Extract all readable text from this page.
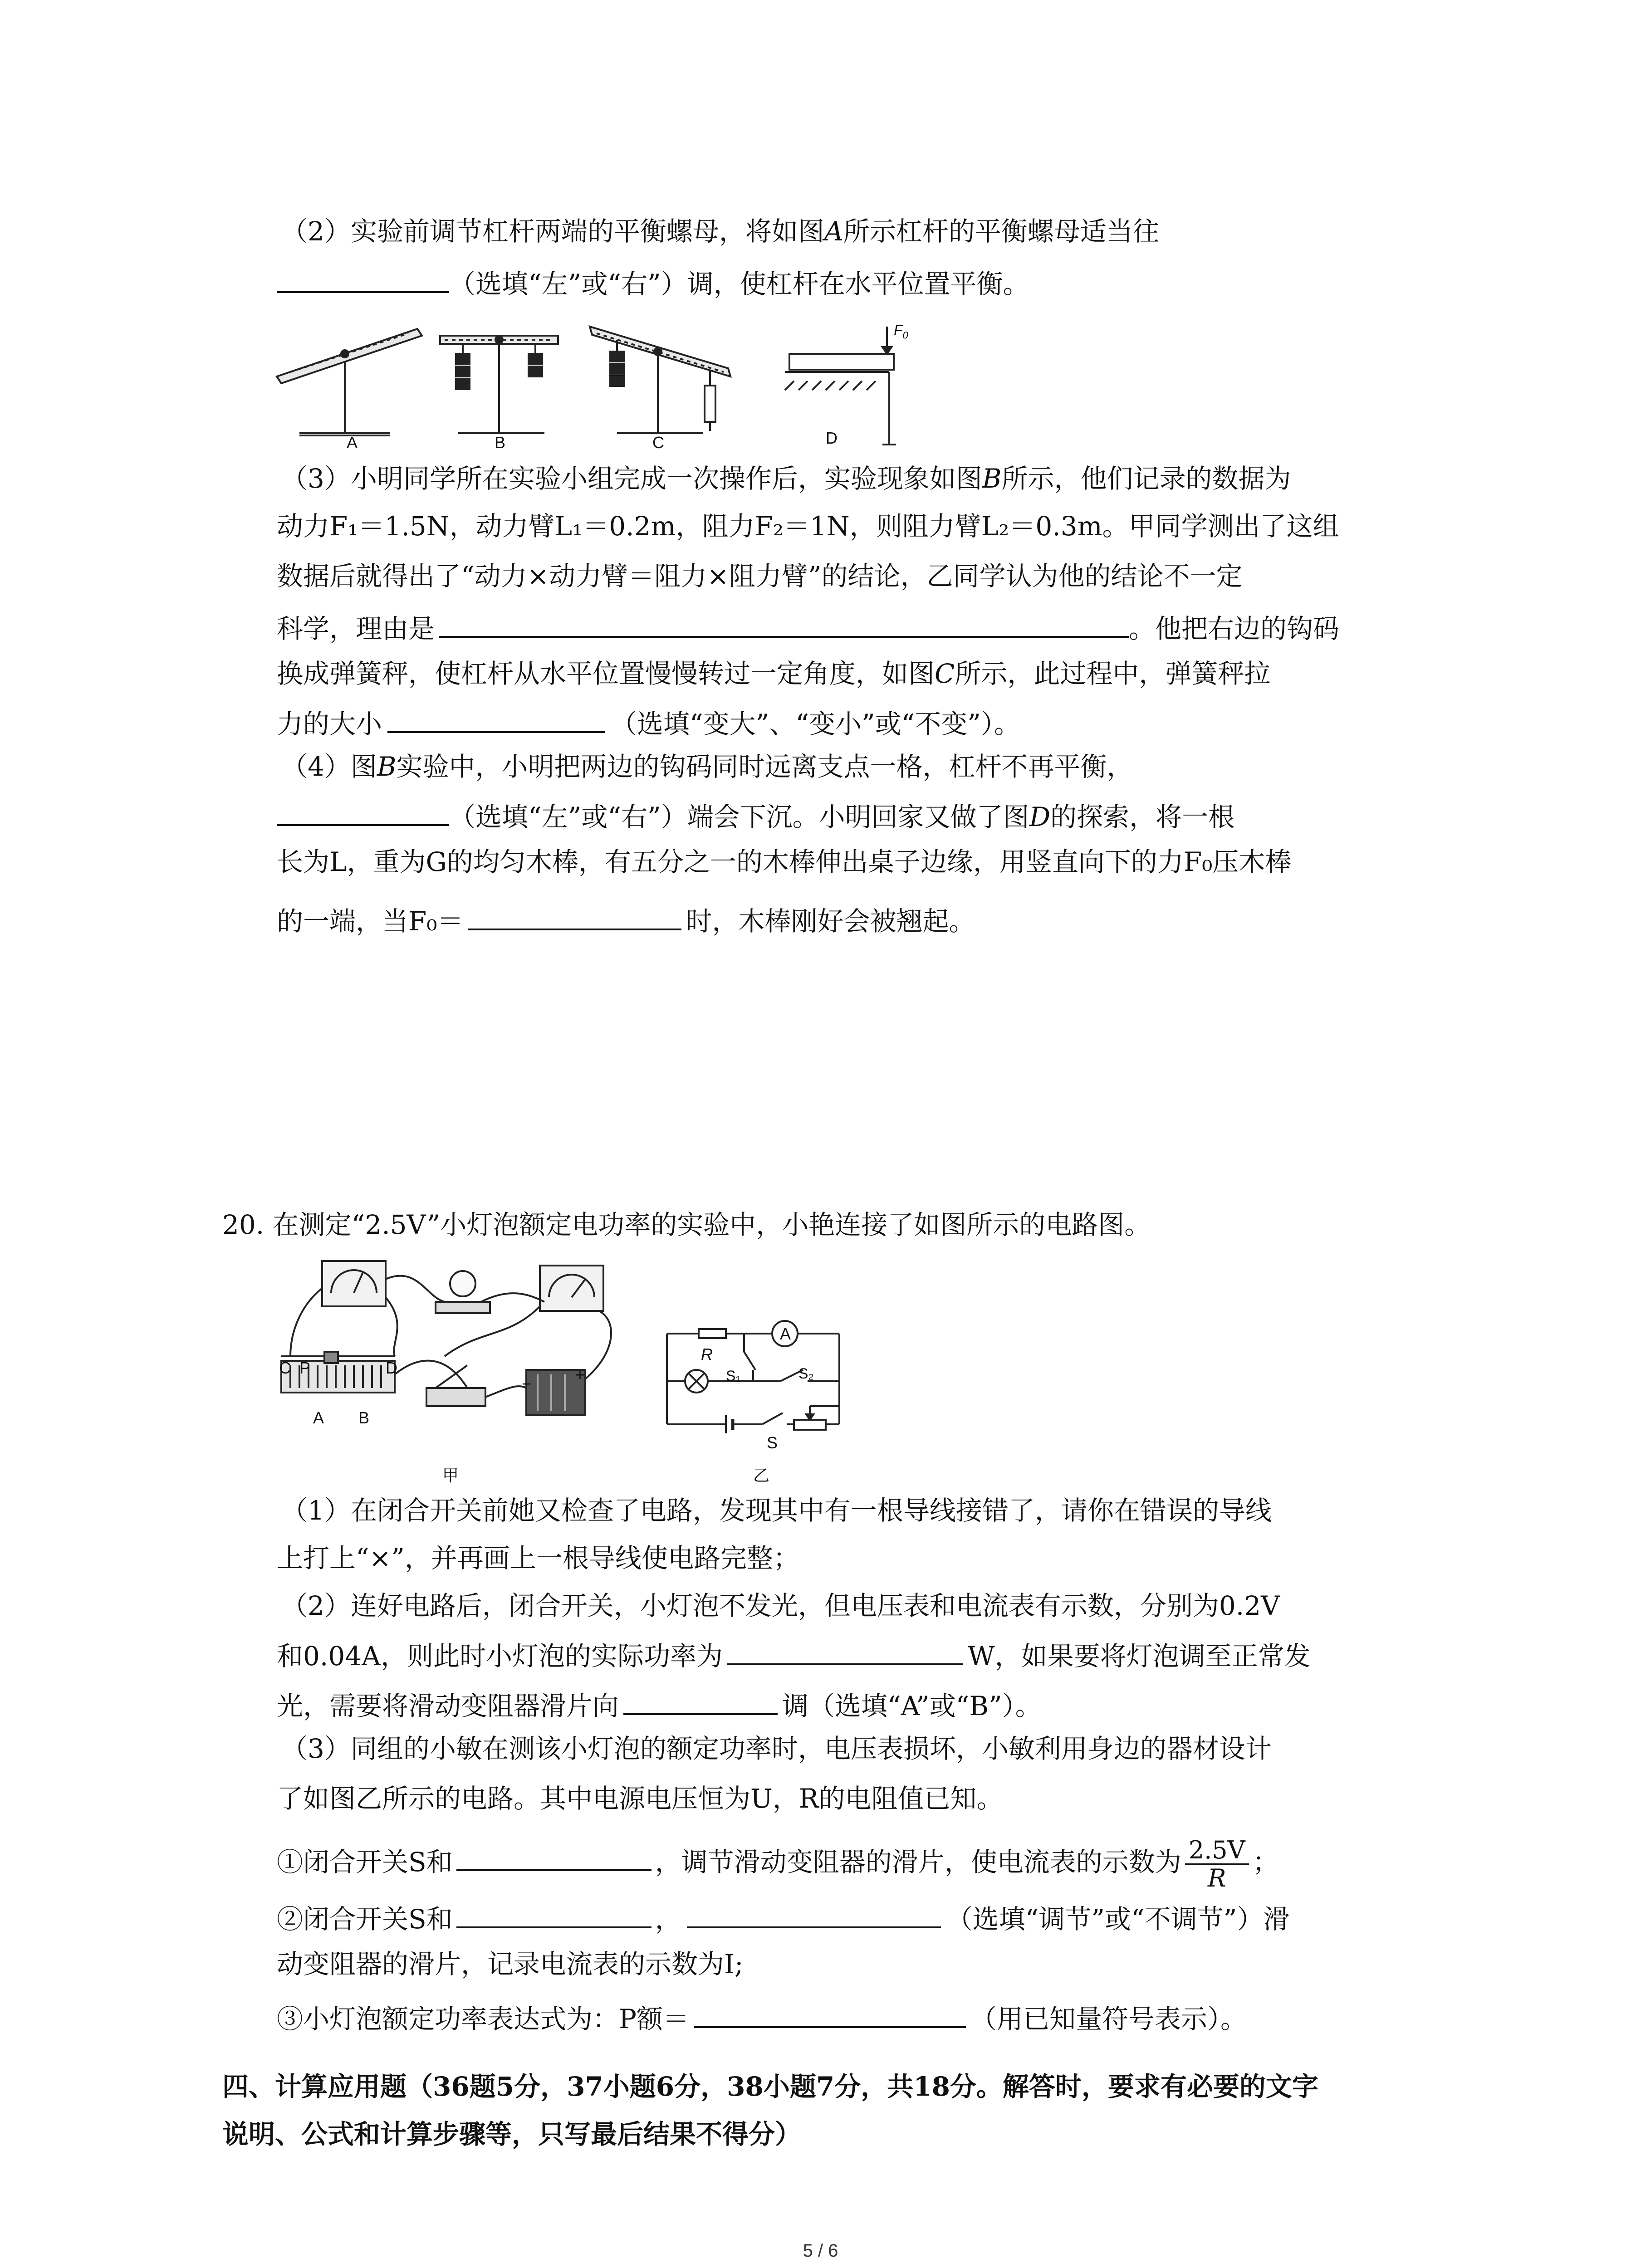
（2）实验前调节杠杆两端的平衡螺母，将如图A所示杠杆的平衡螺母适当往
（选填“左”或“右”）调，使杠杆在水平位置平衡。
A	B	C	D
$F_0$
（3）小明同学所在实验小组完成一次操作后，实验现象如图B所示，他们记录的数据为
动力F₁＝1.5N，动力臂L₁＝0.2m，阻力F₂＝1N，则阻力臂L₂＝0.3m。甲同学测出了这组
数据后就得出了“动力×动力臂＝阻力×阻力臂”的结论，乙同学认为他的结论不一定
科学，理由是	。他把右边的钩码
换成弹簧秤，使杠杆从水平位置慢慢转过一定角度，如图C所示，此过程中，弹簧秤拉
力的大小	（选填“变大”、“变小”或“不变”）。
（4）图B实验中，小明把两边的钩码同时远离支点一格，杠杆不再平衡，
（选填“左”或“右”）端会下沉。小明回家又做了图D的探索，将一根
长为L，重为G的均匀木棒，有五分之一的木棒伸出桌子边缘，用竖直向下的力F₀压木棒
的一端，当F₀＝	时，木棒刚好会被翘起。
20. 在测定“2.5V”小灯泡额定电功率的实验中，小艳连接了如图所示的电路图。
C P	D
A B
−	+
甲
R
A
S₁	S₂
S
乙
（1）在闭合开关前她又检查了电路，发现其中有一根导线接错了，请你在错误的导线
上打上“×”，并再画上一根导线使电路完整；
（2）连好电路后，闭合开关，小灯泡不发光，但电压表和电流表有示数，分别为0.2V
和0.04A，则此时小灯泡的实际功率为	W，如果要将灯泡调至正常发
光，需要将滑动变阻器滑片向	调（选填“A”或“B”）。
（3）同组的小敏在测该小灯泡的额定功率时，电压表损坏，小敏利用身边的器材设计
了如图乙所示的电路。其中电源电压恒为U，R的电阻值已知。
①闭合开关S和	，调节滑动变阻器的滑片，使电流表的示数为 $\frac{2.5V}{R}$ ；
②闭合开关S和	，	（选填“调节”或“不调节”）滑
动变阻器的滑片，记录电流表的示数为I;
③小灯泡额定功率表达式为：P额＝	（用已知量符号表示）。
四、计算应用题（36题5分，37小题6分，38小题7分，共18分。解答时，要求有必要的文字
说明、公式和计算步骤等，只写最后结果不得分）
5 / 6
